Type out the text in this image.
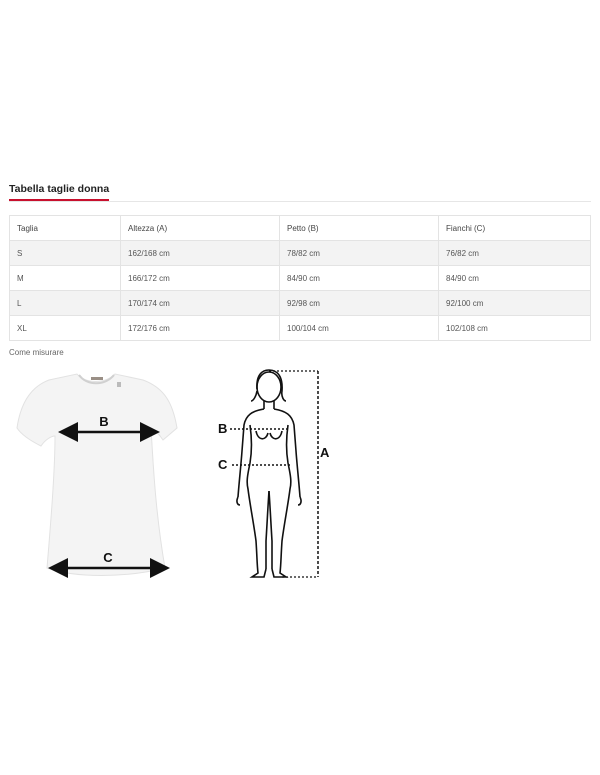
Tabella taglie donna
Taglia	Altezza (A)	Petto (B)	Fianchi (C)
S	162/168 cm	78/82 cm	76/82 cm
M	166/172 cm	84/90 cm	84/90 cm
L	170/174 cm	92/98 cm	92/100 cm
XL	172/176 cm	100/104 cm	102/108 cm
Come misurare
B
C
A
B
C
